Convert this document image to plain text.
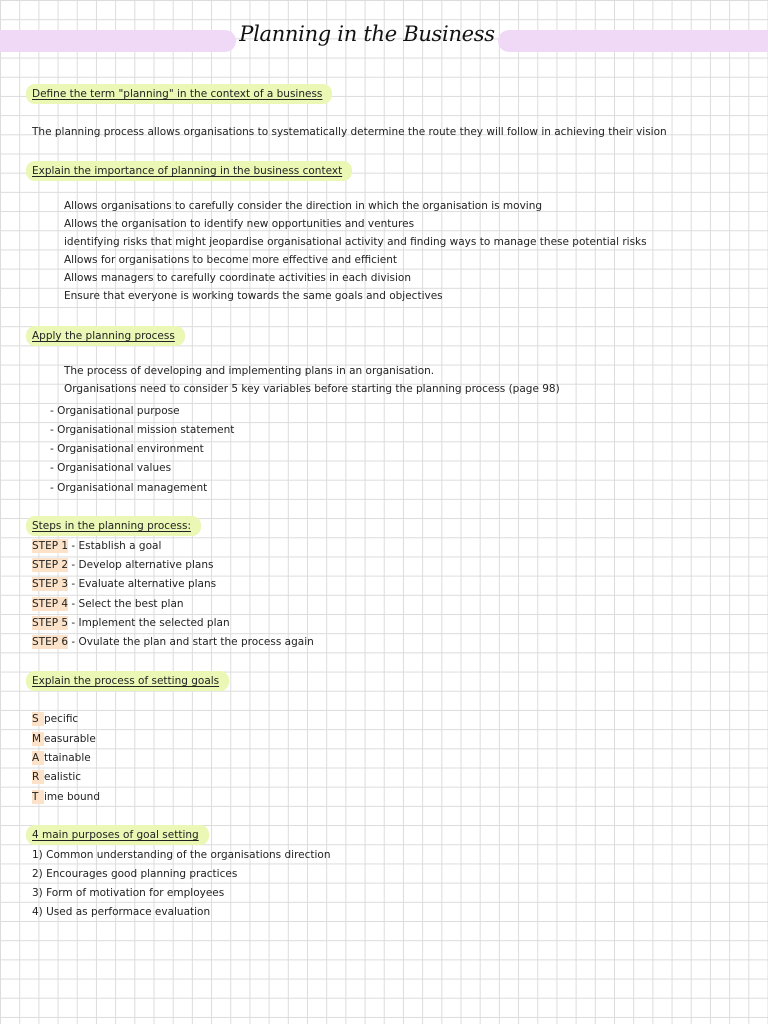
Planning in the Business
Define the term "planning" in the context of a business
The planning process allows organisations to systematically determine the route they will follow in achieving their vision
Explain the importance of planning in the business context
Allows organisations to carefully consider the direction in which the organisation is moving
Allows the organisation to identify new opportunities and ventures
identifying risks that might jeopardise organisational activity and finding ways to manage these potential risks
Allows for organisations to become more effective and efficient
Allows managers to carefully coordinate activities in each division
Ensure that everyone is working towards the same goals and objectives
Apply the planning process
The process of developing and implementing plans in an organisation.
Organisations need to consider 5 key variables before starting the planning process (page 98)
- Organisational purpose
- Organisational mission statement
- Organisational environment
- Organisational values
- Organisational management
Steps in the planning process:
STEP 1 - Establish a goal
STEP 2 - Develop alternative plans
STEP 3 - Evaluate alternative plans
STEP 4 - Select the best plan
STEP 5 - Implement the selected plan
STEP 6 - Ovulate the plan and start the process again
Explain the process of setting goals
S pecific
M easurable
A ttainable
R ealistic
T ime bound
4 main purposes of goal setting
1) Common understanding of the organisations direction
2) Encourages good planning practices
3) Form of motivation for employees
4) Used as performace evaluation
